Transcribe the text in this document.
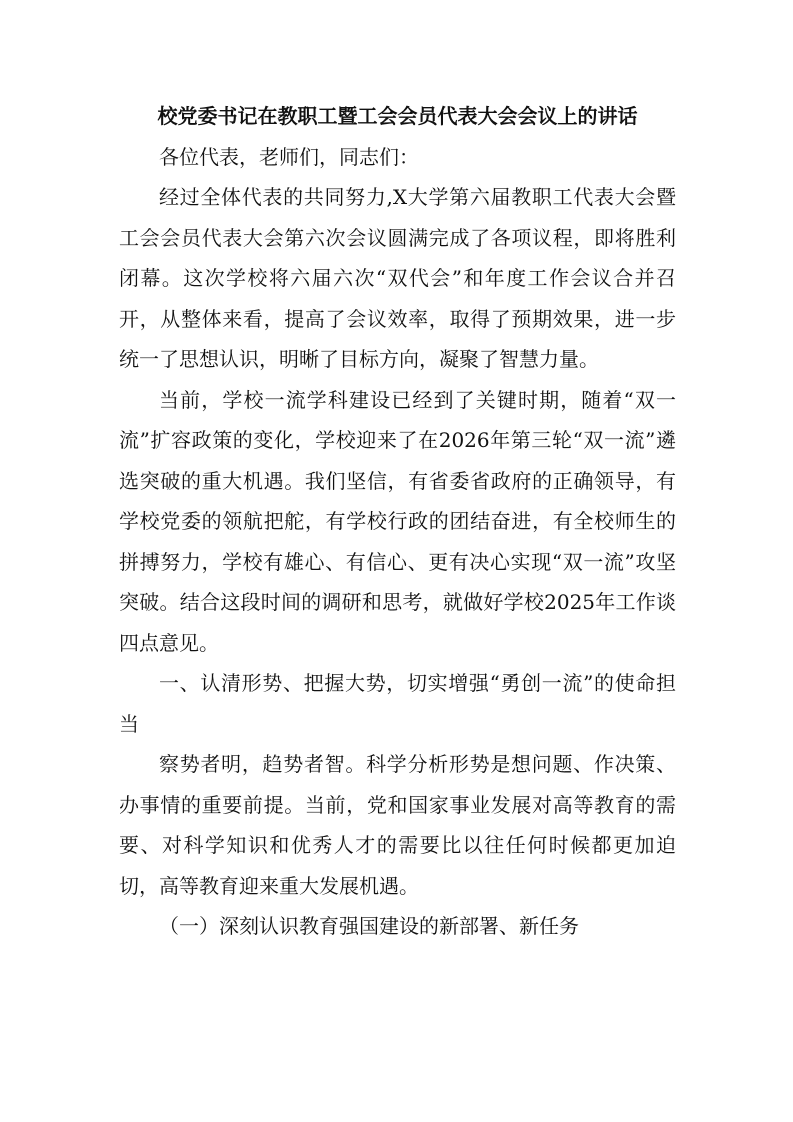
校党委书记在教职工暨工会会员代表大会会议上的讲话

各位代表，老师们，同志们：

经过全体代表的共同努力,X大学第六届教职工代表大会暨工会会员代表大会第六次会议圆满完成了各项议程，即将胜利闭幕。这次学校将六届六次“双代会”和年度工作会议合并召开，从整体来看，提高了会议效率，取得了预期效果，进一步统一了思想认识，明晰了目标方向，凝聚了智慧力量。

当前，学校一流学科建设已经到了关键时期，随着“双一流”扩容政策的变化，学校迎来了在2026年第三轮“双一流”遴选突破的重大机遇。我们坚信，有省委省政府的正确领导，有学校党委的领航把舵，有学校行政的团结奋进，有全校师生的拼搏努力，学校有雄心、有信心、更有决心实现“双一流”攻坚突破。结合这段时间的调研和思考，就做好学校2025年工作谈四点意见。

一、认清形势、把握大势，切实增强“勇创一流”的使命担当

察势者明，趋势者智。科学分析形势是想问题、作决策、办事情的重要前提。当前，党和国家事业发展对高等教育的需要、对科学知识和优秀人才的需要比以往任何时候都更加迫切，高等教育迎来重大发展机遇。

（一）深刻认识教育强国建设的新部署、新任务
